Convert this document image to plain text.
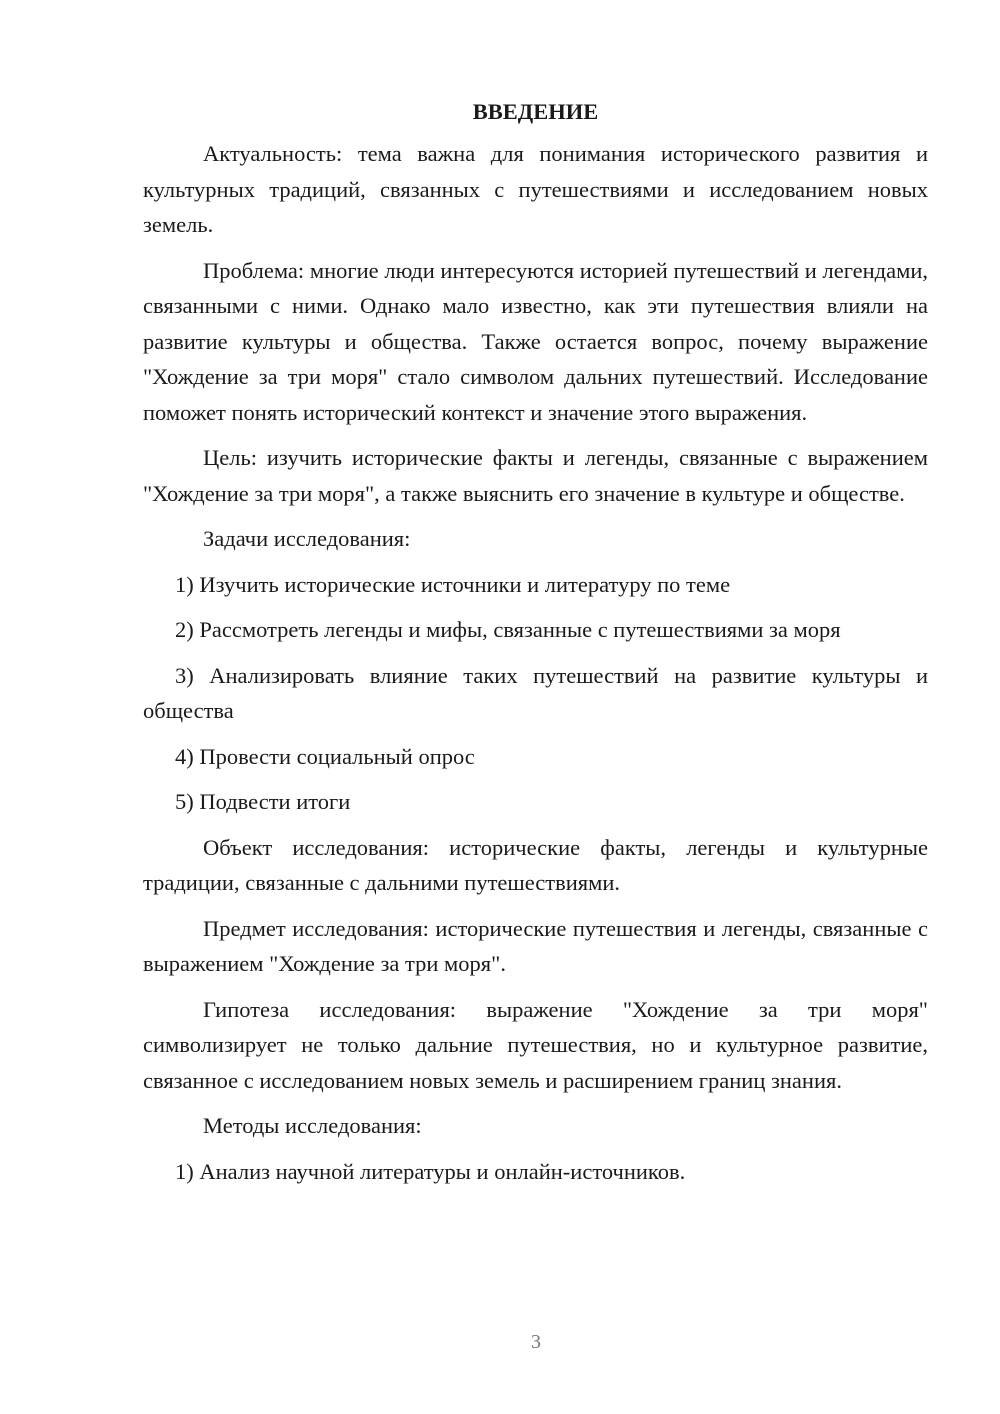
ВВЕДЕНИЕ

Актуальность: тема важна для понимания исторического развития и культурных традиций, связанных с путешествиями и исследованием новых земель.

Проблема: многие люди интересуются историей путешествий и легендами, связанными с ними. Однако мало известно, как эти путешествия влияли на развитие культуры и общества. Также остается вопрос, почему выражение "Хождение за три моря" стало символом дальних путешествий. Исследование поможет понять исторический контекст и значение этого выражения.

Цель: изучить исторические факты и легенды, связанные с выражением "Хождение за три моря", а также выяснить его значение в культуре и обществе.

Задачи исследования:

1) Изучить исторические источники и литературу по теме

2) Рассмотреть легенды и мифы, связанные с путешествиями за моря

3) Анализировать влияние таких путешествий на развитие культуры и общества

4) Провести социальный опрос

5) Подвести итоги

Объект исследования: исторические факты, легенды и культурные традиции, связанные с дальними путешествиями.

Предмет исследования: исторические путешествия и легенды, связанные с выражением "Хождение за три моря".

Гипотеза исследования: выражение "Хождение за три моря" символизирует не только дальние путешествия, но и культурное развитие, связанное с исследованием новых земель и расширением границ знания.

Методы исследования:

1) Анализ научной литературы и онлайн-источников.

3
